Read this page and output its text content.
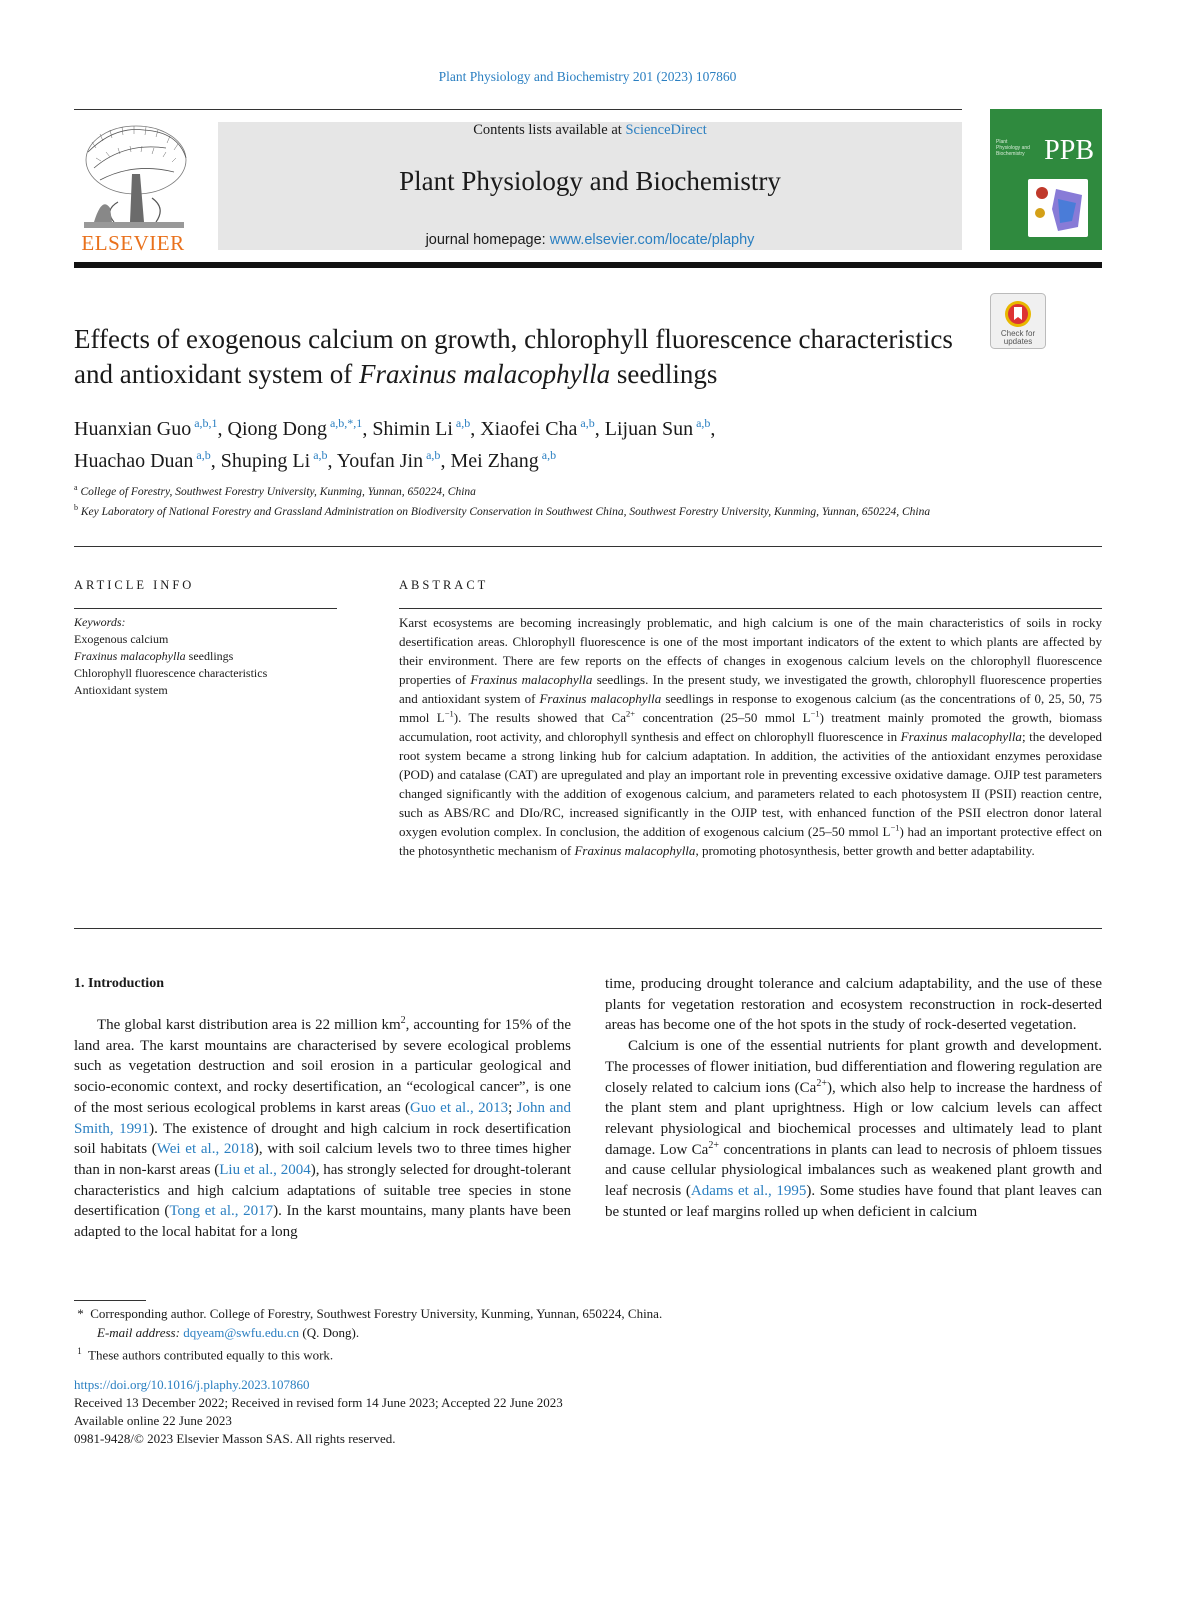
Plant Physiology and Biochemistry 201 (2023) 107860
ELSEVIER
Contents lists available at ScienceDirect
Plant Physiology and Biochemistry
journal homepage: www.elsevier.com/locate/plaphy
Plant Physiology and Biochemistry PPB
Check for
updates
Effects of exogenous calcium on growth, chlorophyll fluorescence characteristics and antioxidant system of Fraxinus malacophylla seedlings
Huanxian Guo $^{a,b,1}$, Qiong Dong $^{a,b,*,1}$, Shimin Li $^{a,b}$, Xiaofei Cha $^{a,b}$, Lijuan Sun $^{a,b}$,
Huachao Duan $^{a,b}$, Shuping Li $^{a,b}$, Youfan Jin $^{a,b}$, Mei Zhang $^{a,b}$
$^a$ College of Forestry, Southwest Forestry University, Kunming, Yunnan, 650224, China
$^b$ Key Laboratory of National Forestry and Grassland Administration on Biodiversity Conservation in Southwest China, Southwest Forestry University, Kunming, Yunnan, 650224, China
ARTICLE INFO	ABSTRACT
Keywords:
Exogenous calcium
Fraxinus malacophylla seedlings
Chlorophyll fluorescence characteristics
Antioxidant system
Karst ecosystems are becoming increasingly problematic, and high calcium is one of the main characteristics of soils in rocky desertification areas. Chlorophyll fluorescence is one of the most important indicators of the extent to which plants are affected by their environment. There are few reports on the effects of changes in exogenous calcium levels on the chlorophyll fluorescence properties of Fraxinus malacophylla seedlings. In the present study, we investigated the growth, chlorophyll fluorescence properties and antioxidant system of Fraxinus malacophylla seedlings in response to exogenous calcium (as the concentrations of 0, 25, 50, 75 mmol $L^{-1}$). The results showed that $Ca^{2+}$ concentration (25–50 mmol $L^{-1}$) treatment mainly promoted the growth, biomass accumulation, root activity, and chlorophyll synthesis and effect on chlorophyll fluorescence in Fraxinus malacophylla; the developed root system became a strong linking hub for calcium adaptation. In addition, the activities of the antioxidant enzymes peroxidase (POD) and catalase (CAT) are upregulated and play an important role in preventing excessive oxidative damage. OJIP test parameters changed significantly with the addition of exogenous calcium, and parameters related to each photosystem II (PSII) reaction centre, such as ABS/RC and DIo/RC, increased significantly in the OJIP test, with enhanced function of the PSII electron donor lateral oxygen evolution complex. In conclusion, the addition of exogenous calcium (25–50 mmol $L^{-1}$) had an important protective effect on the photosynthetic mechanism of Fraxinus malacophylla, promoting photosynthesis, better growth and better adaptability.
1. Introduction
The global karst distribution area is 22 million $km^2$, accounting for 15% of the land area. The karst mountains are characterised by severe ecological problems such as vegetation destruction and soil erosion in a particular geological and socio-economic context, and rocky desertification, an “ecological cancer”, is one of the most serious ecological problems in karst areas (Guo et al., 2013; John and Smith, 1991). The existence of drought and high calcium in rock desertification soil habitats (Wei et al., 2018), with soil calcium levels two to three times higher than in non-karst areas (Liu et al., 2004), has strongly selected for drought-tolerant characteristics and high calcium adaptations of suitable tree species in stone desertification (Tong et al., 2017). In the karst mountains, many plants have been adapted to the local habitat for a long
time, producing drought tolerance and calcium adaptability, and the use of these plants for vegetation restoration and ecosystem reconstruction in rock-deserted areas has become one of the hot spots in the study of rock-deserted vegetation.
Calcium is one of the essential nutrients for plant growth and development. The processes of flower initiation, bud differentiation and flowering regulation are closely related to calcium ions $(Ca^{2+})$, which also help to increase the hardness of the plant stem and plant uprightness. High or low calcium levels can affect relevant physiological and biochemical processes and ultimately lead to plant damage. Low $Ca^{2+}$ concentrations in plants can lead to necrosis of phloem tissues and cause cellular physiological imbalances such as weakened plant growth and leaf necrosis (Adams et al., 1995). Some studies have found that plant leaves can be stunted or leaf margins rolled up when deficient in calcium
*  Corresponding author. College of Forestry, Southwest Forestry University, Kunming, Yunnan, 650224, China.
E-mail address: dqyeam@swfu.edu.cn (Q. Dong).
$^1$ These authors contributed equally to this work.
https://doi.org/10.1016/j.plaphy.2023.107860
Received 13 December 2022; Received in revised form 14 June 2023; Accepted 22 June 2023
Available online 22 June 2023
0981-9428/© 2023 Elsevier Masson SAS. All rights reserved.
